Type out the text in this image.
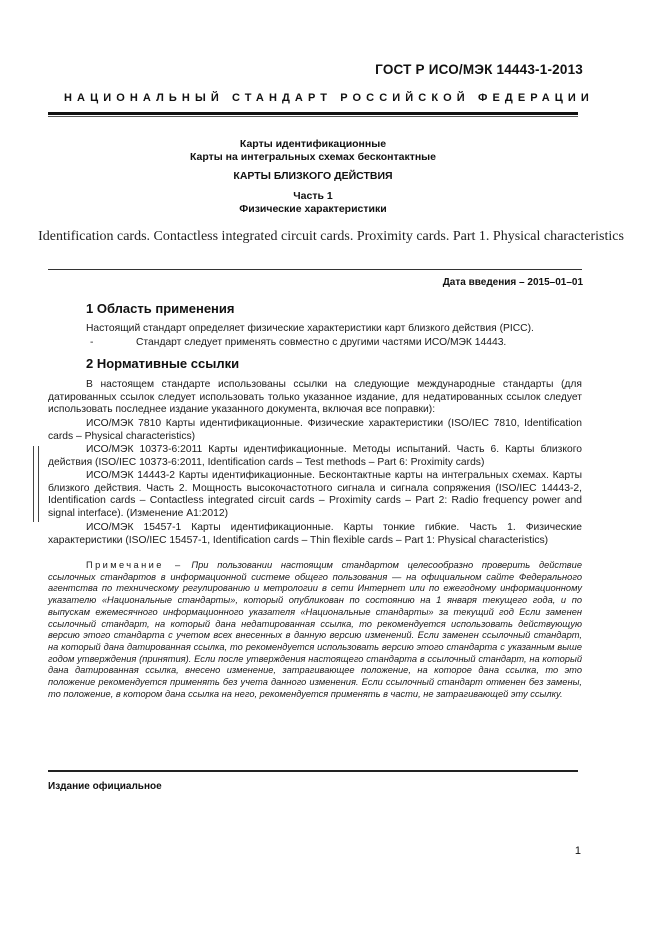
ГОСТ Р ИСО/МЭК 14443-1-2013
НАЦИОНАЛЬНЫЙ СТАНДАРТ РОССИЙСКОЙ ФЕДЕРАЦИИ
Карты идентификационные
Карты на интегральных схемах бесконтактные
КАРТЫ БЛИЗКОГО ДЕЙСТВИЯ
Часть 1
Физические характеристики
Identification cards. Contactless integrated circuit cards. Proximity cards. Part 1. Physical characteristics
Дата введения – 2015–01–01
1 Область применения
Настоящий стандарт определяет физические характеристики карт близкого действия (PICC).
-	Стандарт следует применять совместно с другими частями ИСО/МЭК 14443.
2 Нормативные ссылки
В настоящем стандарте использованы ссылки на следующие международные стандарты (для датированных ссылок следует использовать только указанное издание, для недатированных ссылок следует использовать последнее издание указанного документа, включая все поправки):
ИСО/МЭК 7810 Карты идентификационные. Физические характеристики (ISO/IEC 7810, Identification cards – Physical characteristics)
ИСО/МЭК 10373-6:2011 Карты идентификационные. Методы испытаний. Часть 6. Карты близкого действия (ISO/IEC 10373-6:2011, Identification cards – Test methods – Part 6: Proximity cards)
ИСО/МЭК 14443-2 Карты идентификационные. Бесконтактные карты на интегральных схемах. Карты близкого действия. Часть 2. Мощность высокочастотного сигнала и сигнала сопряжения (ISO/IEC 14443-2, Identification cards – Contactless integrated circuit cards – Proximity cards – Part 2: Radio frequency power and signal interface). (Изменение A1:2012)
ИСО/МЭК 15457-1 Карты идентификационные. Карты тонкие гибкие. Часть 1. Физические характеристики (ISO/IEC 15457-1, Identification cards – Thin flexible cards – Part 1: Physical characteristics)
Примечание – При пользовании настоящим стандартом целесообразно проверить действие ссылочных стандартов в информационной системе общего пользования — на официальном сайте Федерального агентства по техническому регулированию и метрологии в сети Интернет или по ежегодному информационному указателю «Национальные стандарты», который опубликован по состоянию на 1 января текущего года, и по выпускам ежемесячного информационного указателя «Национальные стандарты» за текущий год Если заменен ссылочный стандарт, на который дана недатированная ссылка, то рекомендуется использовать действующую версию этого стандарта с учетом всех внесенных в данную версию изменений. Если заменен ссылочный стандарт, на который дана датированная ссылка, то рекомендуется использовать версию этого стандарта с указанным выше годом утверждения (принятия). Если после утверждения настоящего стандарта в ссылочный стандарт, на который дана датированная ссылка, внесено изменение, затрагивающее положение, на которое дана ссылка, то это положение рекомендуется применять без учета данного изменения. Если ссылочный стандарт отменен без замены, то положение, в котором дана ссылка на него, рекомендуется применять в части, не затрагивающей эту ссылку.
Издание официальное
1
